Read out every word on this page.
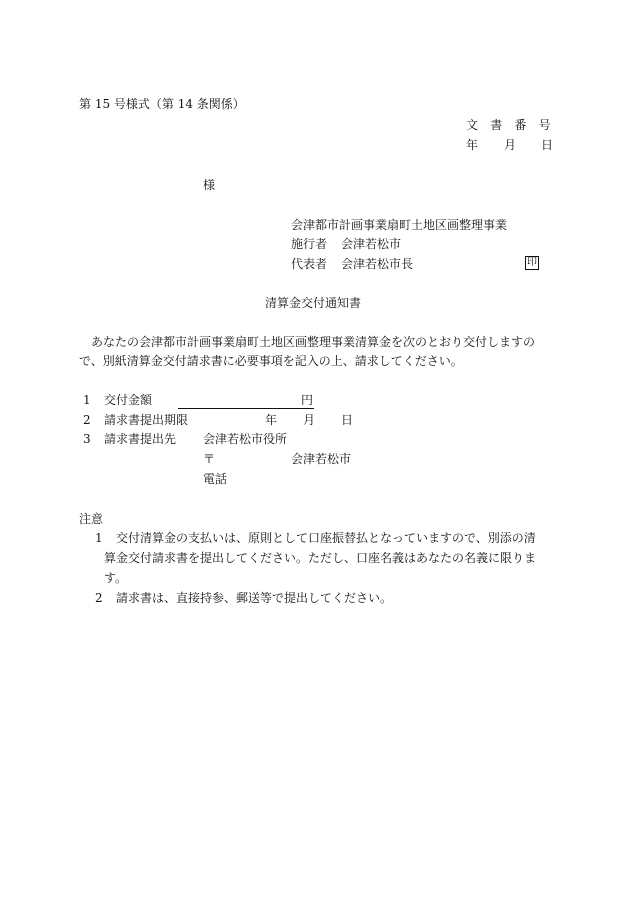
第 15 号様式（第 14 条関係）
文 書 番 号
年 月 日
様
会津都市計画事業扇町土地区画整理事業
施行者 会津若松市
代表者 会津若松市長	印
清算金交付通知書
あなたの会津都市計画事業扇町土地区画整理事業清算金を次のとおり交付しますの
で、別紙清算金交付請求書に必要事項を記入の上、請求してください。
1 交付金額	円
2 請求書提出期限	年 月 日
3 請求書提出先 会津若松市役所
〒	会津若松市
電話
注意
1 交付清算金の支払いは、原則として口座振替払となっていますので、別添の清
算金交付請求書を提出してください。ただし、口座名義はあなたの名義に限りま
す。
2 請求書は、直接持参、郵送等で提出してください。
